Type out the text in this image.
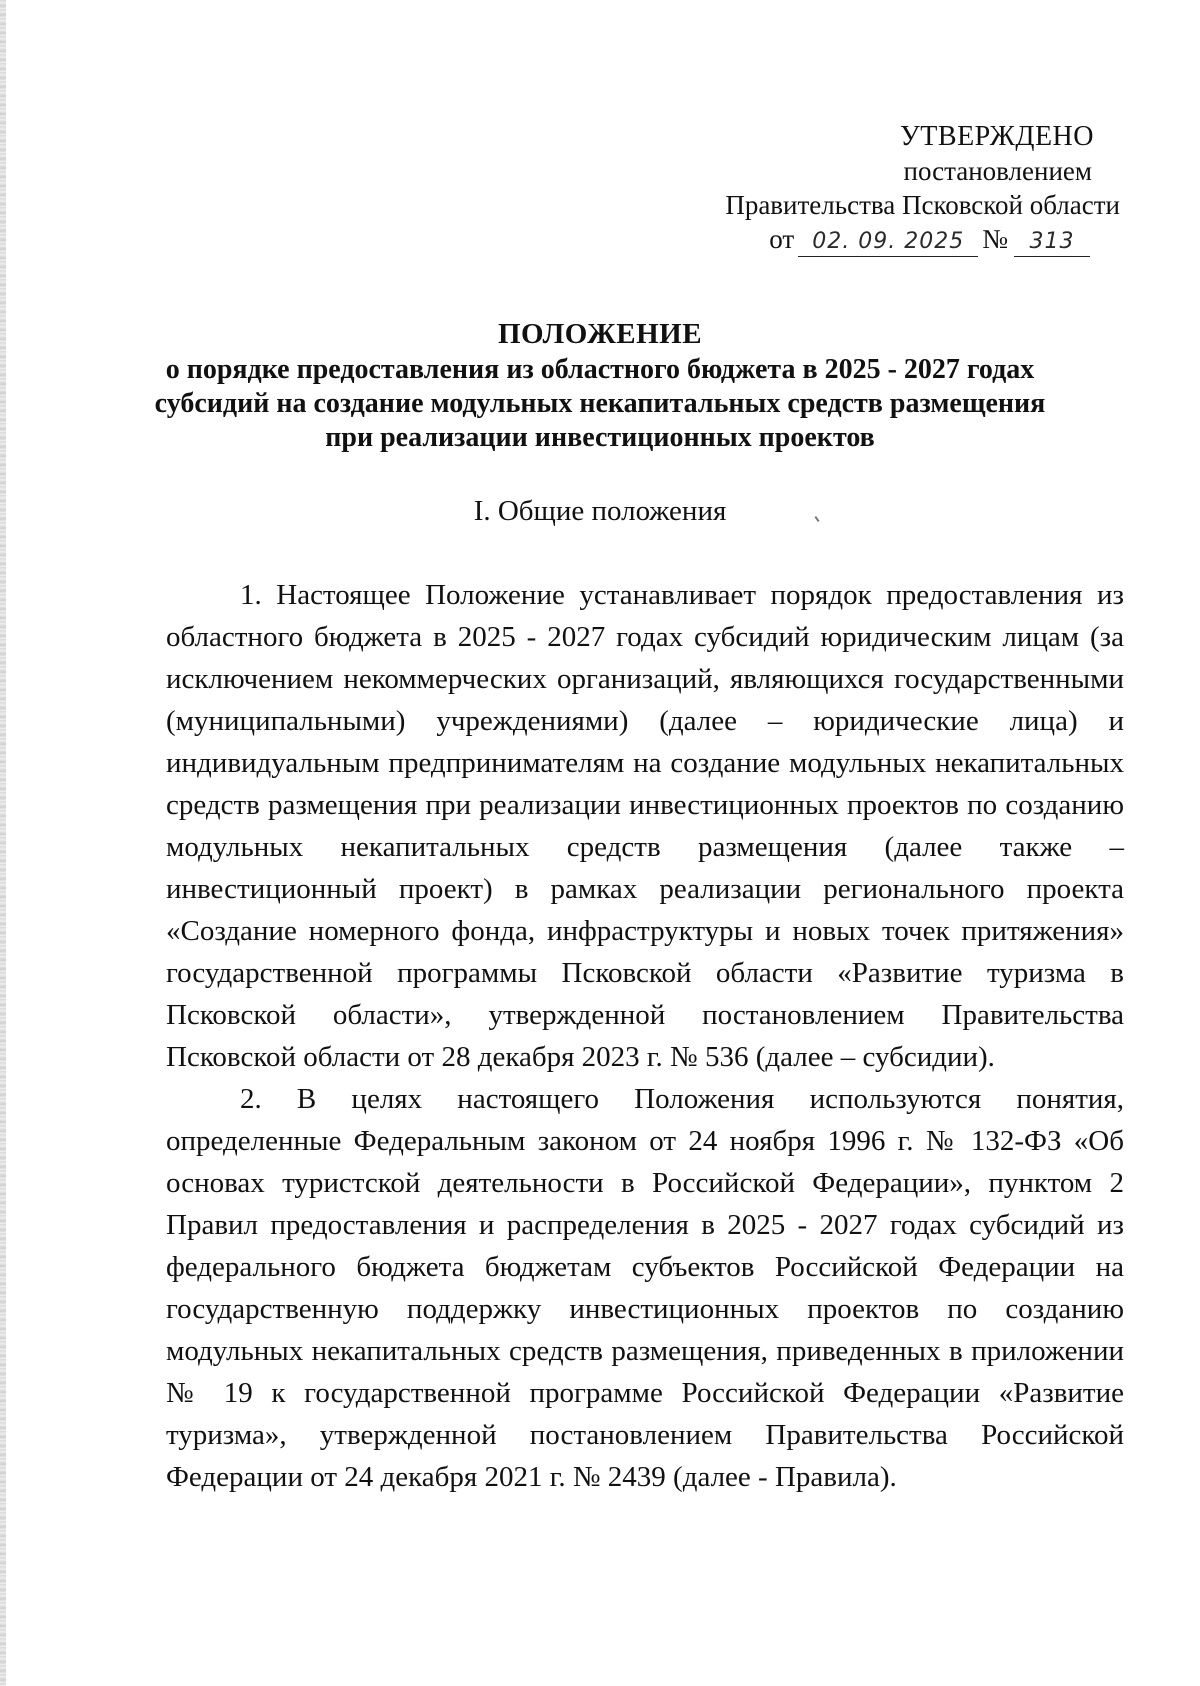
УТВЕРЖДЕНО
постановлением
Правительства Псковской области
от 02. 09. 2025 № 313
ПОЛОЖЕНИЕ
о порядке предоставления из областного бюджета в 2025 - 2027 годах
субсидий на создание модульных некапитальных средств размещения
при реализации инвестиционных проектов
I. Общие положения

1. Настоящее Положение устанавливает порядок предоставления из областного бюджета в 2025 - 2027 годах субсидий юридическим лицам (за исключением некоммерческих организаций, являющихся государственными (муниципальными) учреждениями) (далее – юридические лица) и индивидуальным предпринимателям на создание модульных некапитальных средств размещения при реализации инвестиционных проектов по созданию модульных некапитальных средств размещения (далее также – инвестиционный проект) в рамках реализации регионального проекта «Создание номерного фонда, инфраструктуры и новых точек притяжения» государственной программы Псковской области «Развитие туризма в Псковской области», утвержденной постановлением Правительства Псковской области от 28 декабря 2023 г. № 536 (далее – субсидии).

2. В целях настоящего Положения используются понятия, определенные Федеральным законом от 24 ноября 1996 г. № 132-ФЗ «Об основах туристской деятельности в Российской Федерации», пунктом 2 Правил предоставления и распределения в 2025 - 2027 годах субсидий из федерального бюджета бюджетам субъектов Российской Федерации на государственную поддержку инвестиционных проектов по созданию модульных некапитальных средств размещения, приведенных в приложении № 19 к государственной программе Российской Федерации «Развитие туризма», утвержденной постановлением Правительства Российской Федерации от 24 декабря 2021 г. № 2439 (далее - Правила).
